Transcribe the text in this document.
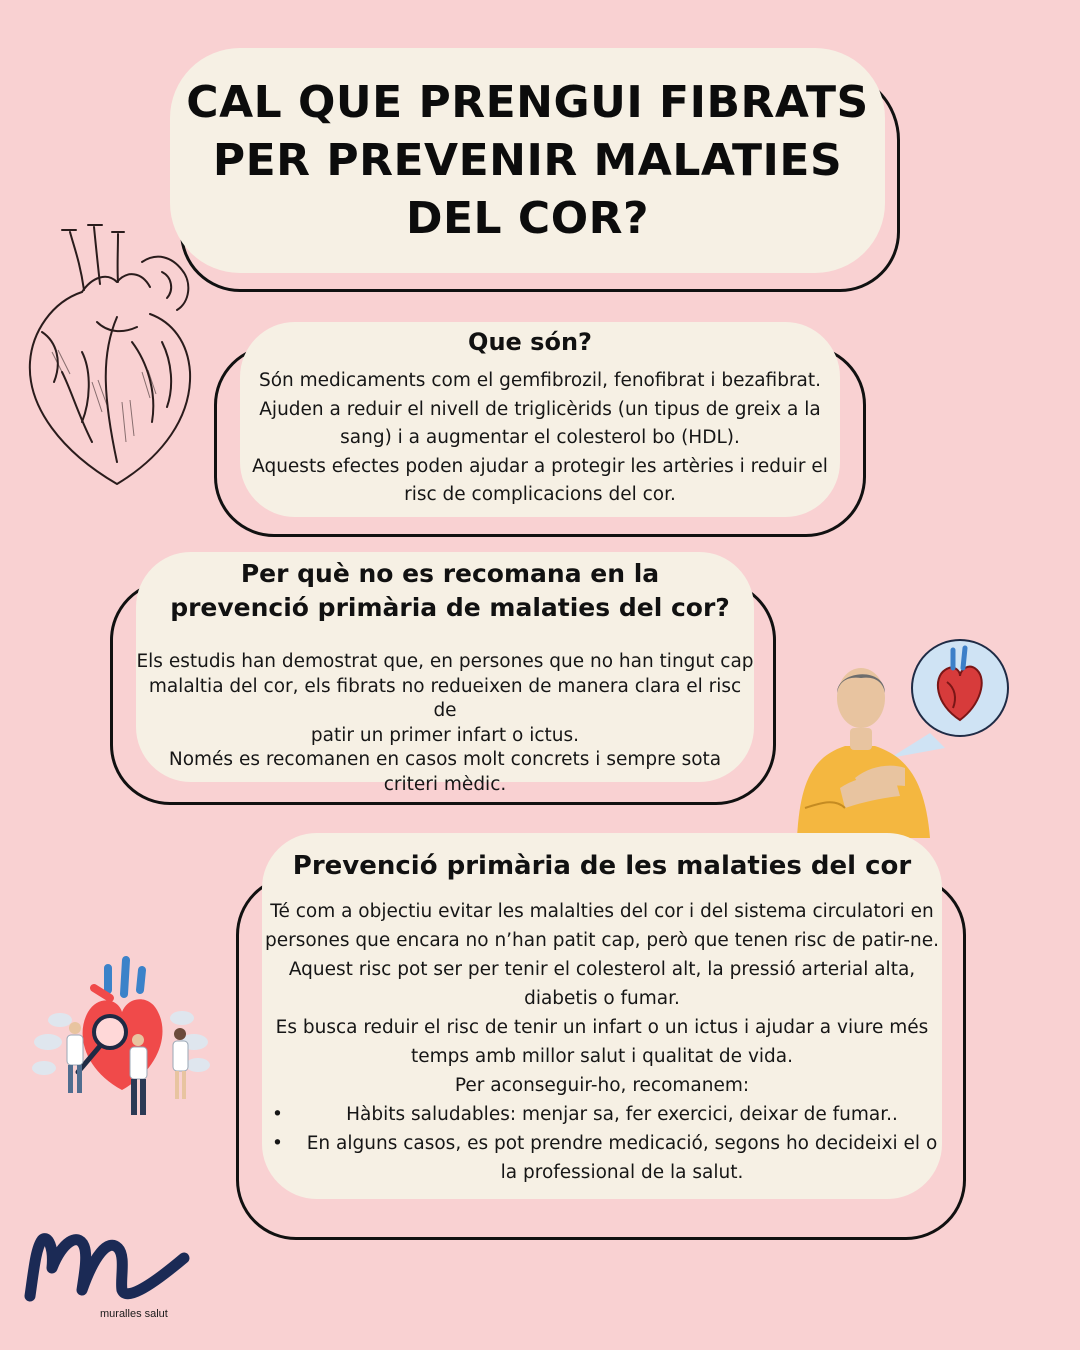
CAL QUE PRENGUI FIBRATS
PER PREVENIR MALATIES
DEL COR?
Que són?

Són medicaments com el gemfibrozil, fenofibrat i bezafibrat.

Ajuden a reduir el nivell de triglicèrids (un tipus de greix a la

sang) i a augmentar el colesterol bo (HDL).

Aquests efectes poden ajudar a protegir les artèries i reduir el

risc de complicacions del cor.

Per què no es recomana en la
prevenció primària de malaties del cor?

Els estudis han demostrat que, en persones que no han tingut cap

malaltia del cor, els fibrats no redueixen de manera clara el risc de

patir un primer infart o ictus.

Només es recomanen en casos molt concrets i sempre sota

criteri mèdic.

Prevenció primària de les malaties del cor

Té com a objectiu evitar les malalties del cor i del sistema circulatori en

persones que encara no n’han patit cap, però que tenen risc de patir-ne.

Aquest risc pot ser per tenir el colesterol alt, la pressió arterial alta,

diabetis o fumar.

Es busca reduir el risc de tenir un infart o un ictus i ajudar a viure més

temps amb millor salut i qualitat de vida.

Per aconseguir-ho, recomanem:

• Hàbits saludables: menjar sa, fer exercici, deixar de fumar..
• En alguns casos, es pot prendre medicació, segons ho decideixi el o la professional de la salut.
muralles salut
